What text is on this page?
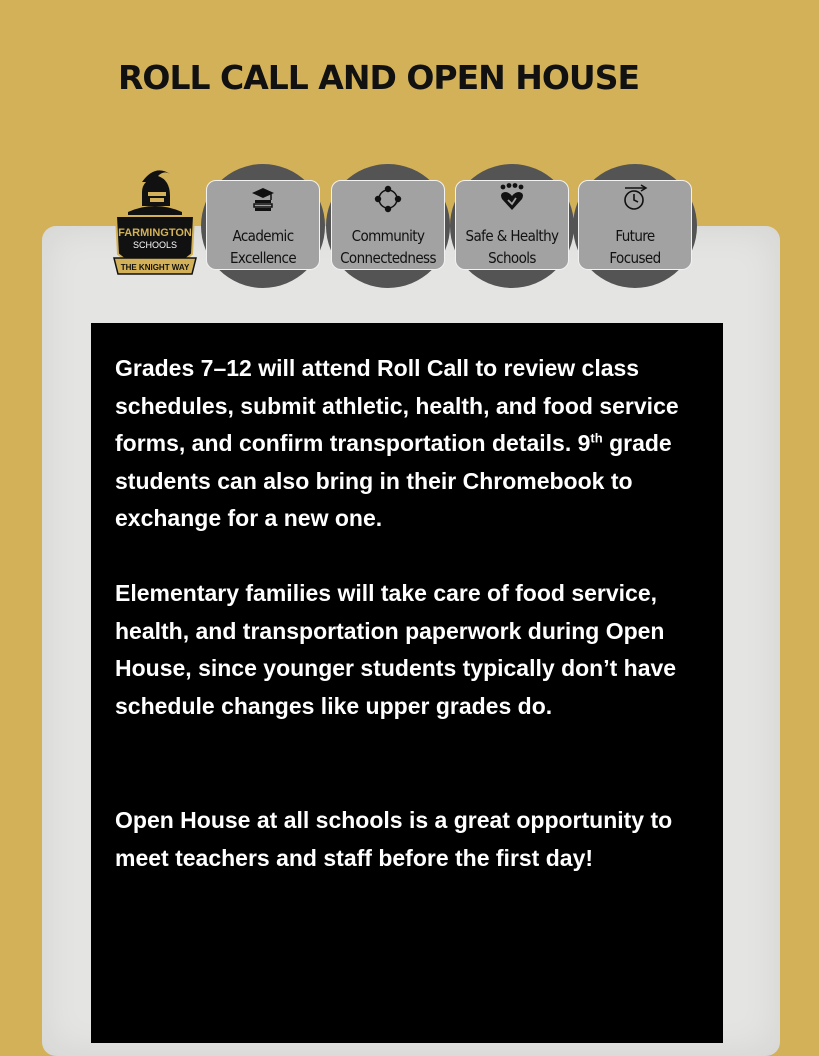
ROLL CALL AND OPEN HOUSE
FARMINGTON
SCHOOLS
THE KNIGHT WAY
Academic
Excellence
Community
Connectedness
Safe & Healthy
Schools
Future
Focused

Grades 7–12 will attend Roll Call to review class schedules, submit athletic, health, and food service forms, and confirm transportation details. 9th grade students can also bring in their Chromebook to exchange for a new one.

Elementary families will take care of food service, health, and transportation paperwork during Open House, since younger students typically don’t have schedule changes like upper grades do.

Open House at all schools is a great opportunity to meet teachers and staff before the first day!
